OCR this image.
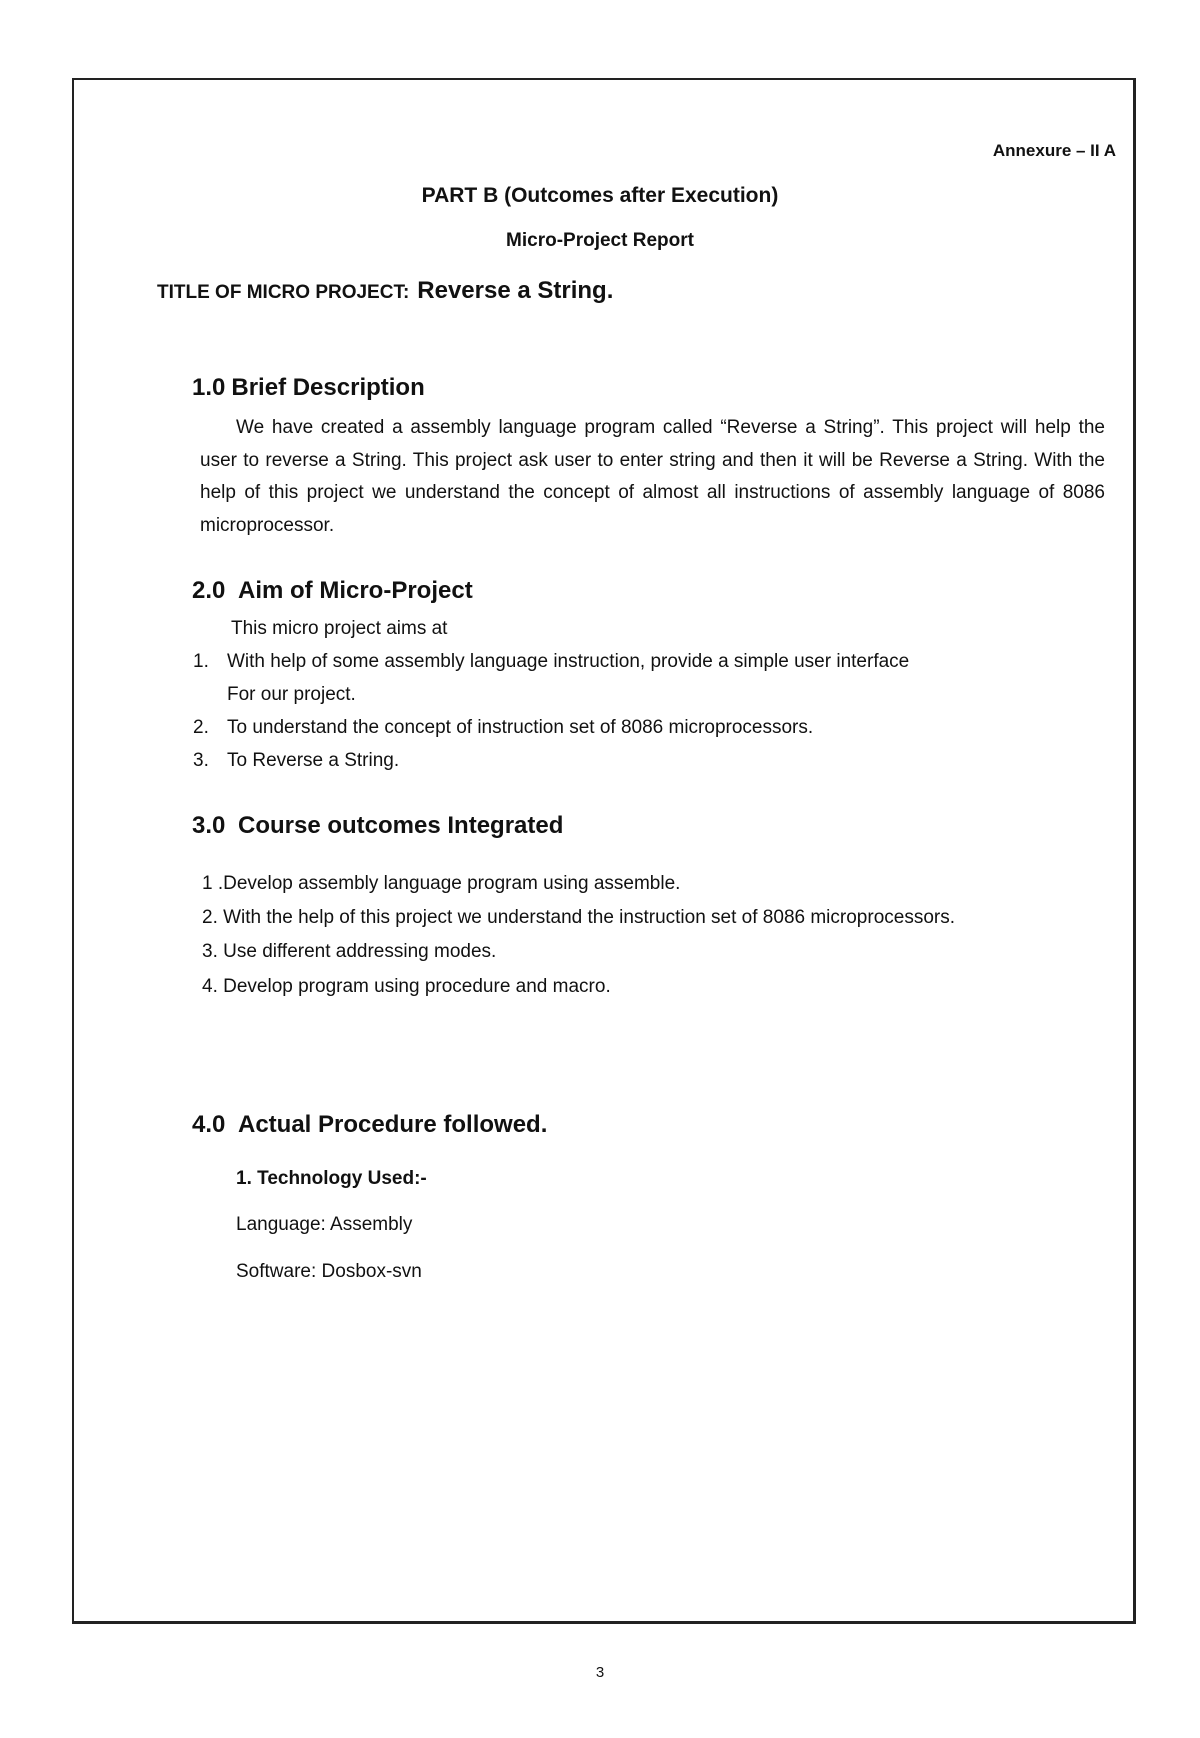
Annexure – II A
PART B (Outcomes after Execution)
Micro-Project Report
TITLE OF MICRO PROJECT: Reverse a String.
1.0 Brief Description
We have created a assembly language program called “Reverse a String”. This project will help the user to reverse a String. This project ask user to enter string and then it will be Reverse a String. With the help of this project we understand the concept of almost all instructions of assembly language of 8086 microprocessor.
2.0 Aim of Micro-Project
This micro project aims at
1. With help of some assembly language instruction, provide a simple user interface
For our project.
2. To understand the concept of instruction set of 8086 microprocessors.
3. To Reverse a String.
3.0 Course outcomes Integrated
1 .Develop assembly language program using assemble.
2. With the help of this project we understand the instruction set of 8086 microprocessors.
3. Use different addressing modes.
4. Develop program using procedure and macro.
4.0 Actual Procedure followed.
1. Technology Used:-
Language: Assembly
Software: Dosbox-svn
3
